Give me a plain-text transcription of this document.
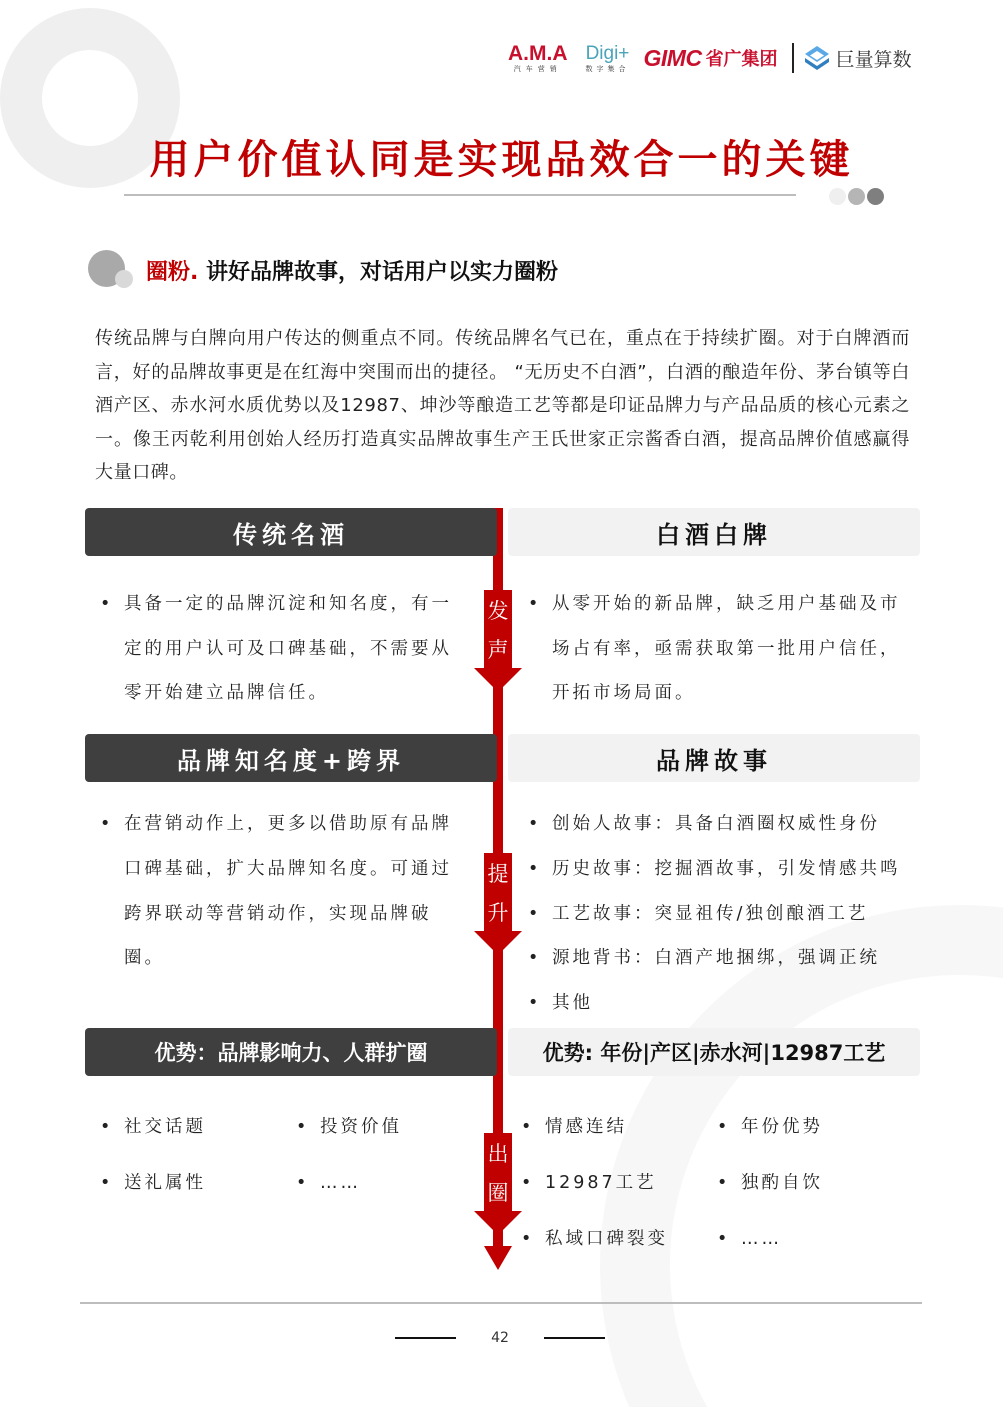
A.M.A
汽车营销
Digi+
数字集合 GIMC 省广集团	巨量算数
用户价值认同是实现品效合一的关键
圈粉. 讲好品牌故事，对话用户以实力圈粉

传统品牌与白牌向用户传达的侧重点不同。传统品牌名气已在，重点在于持续扩圈。对于白牌酒而言，好的品牌故事更是在红海中突围而出的捷径。 “无历史不白酒”，白酒的酿造年份、茅台镇等白酒产区、赤水河水质优势以及12987、坤沙等酿造工艺等都是印证品牌力与产品品质的核心元素之一。像王丙乾利用创始人经历打造真实品牌故事生产王氏世家正宗酱香白酒，提高品牌价值感赢得大量口碑。

传统名酒	白酒白牌
• 具备一定的品牌沉淀和知名度，有一定的用户认可及口碑基础，不需要从零开始建立品牌信任。
• 从零开始的新品牌，缺乏用户基础及市场占有率，亟需获取第一批用户信任，开拓市场局面。
发
声
品牌知名度+跨界	品牌故事
• 在营销动作上，更多以借助原有品牌口碑基础，扩大品牌知名度。可通过跨界联动等营销动作，实现品牌破圈。
• 创始人故事：具备白酒圈权威性身份
• 历史故事：挖掘酒故事，引发情感共鸣
• 工艺故事：突显祖传/独创酿酒工艺
• 源地背书：白酒产地捆绑，强调正统
• 其他
提
升
优势：品牌影响力、人群扩圈	优势: 年份|产区|赤水河|12987工艺
• 社交话题	• 投资价值
• 送礼属性	• ……
• 情感连结	• 年份优势
• 12987工艺	• 独酌自饮
• 私域口碑裂变	• ……
出
圈
42
